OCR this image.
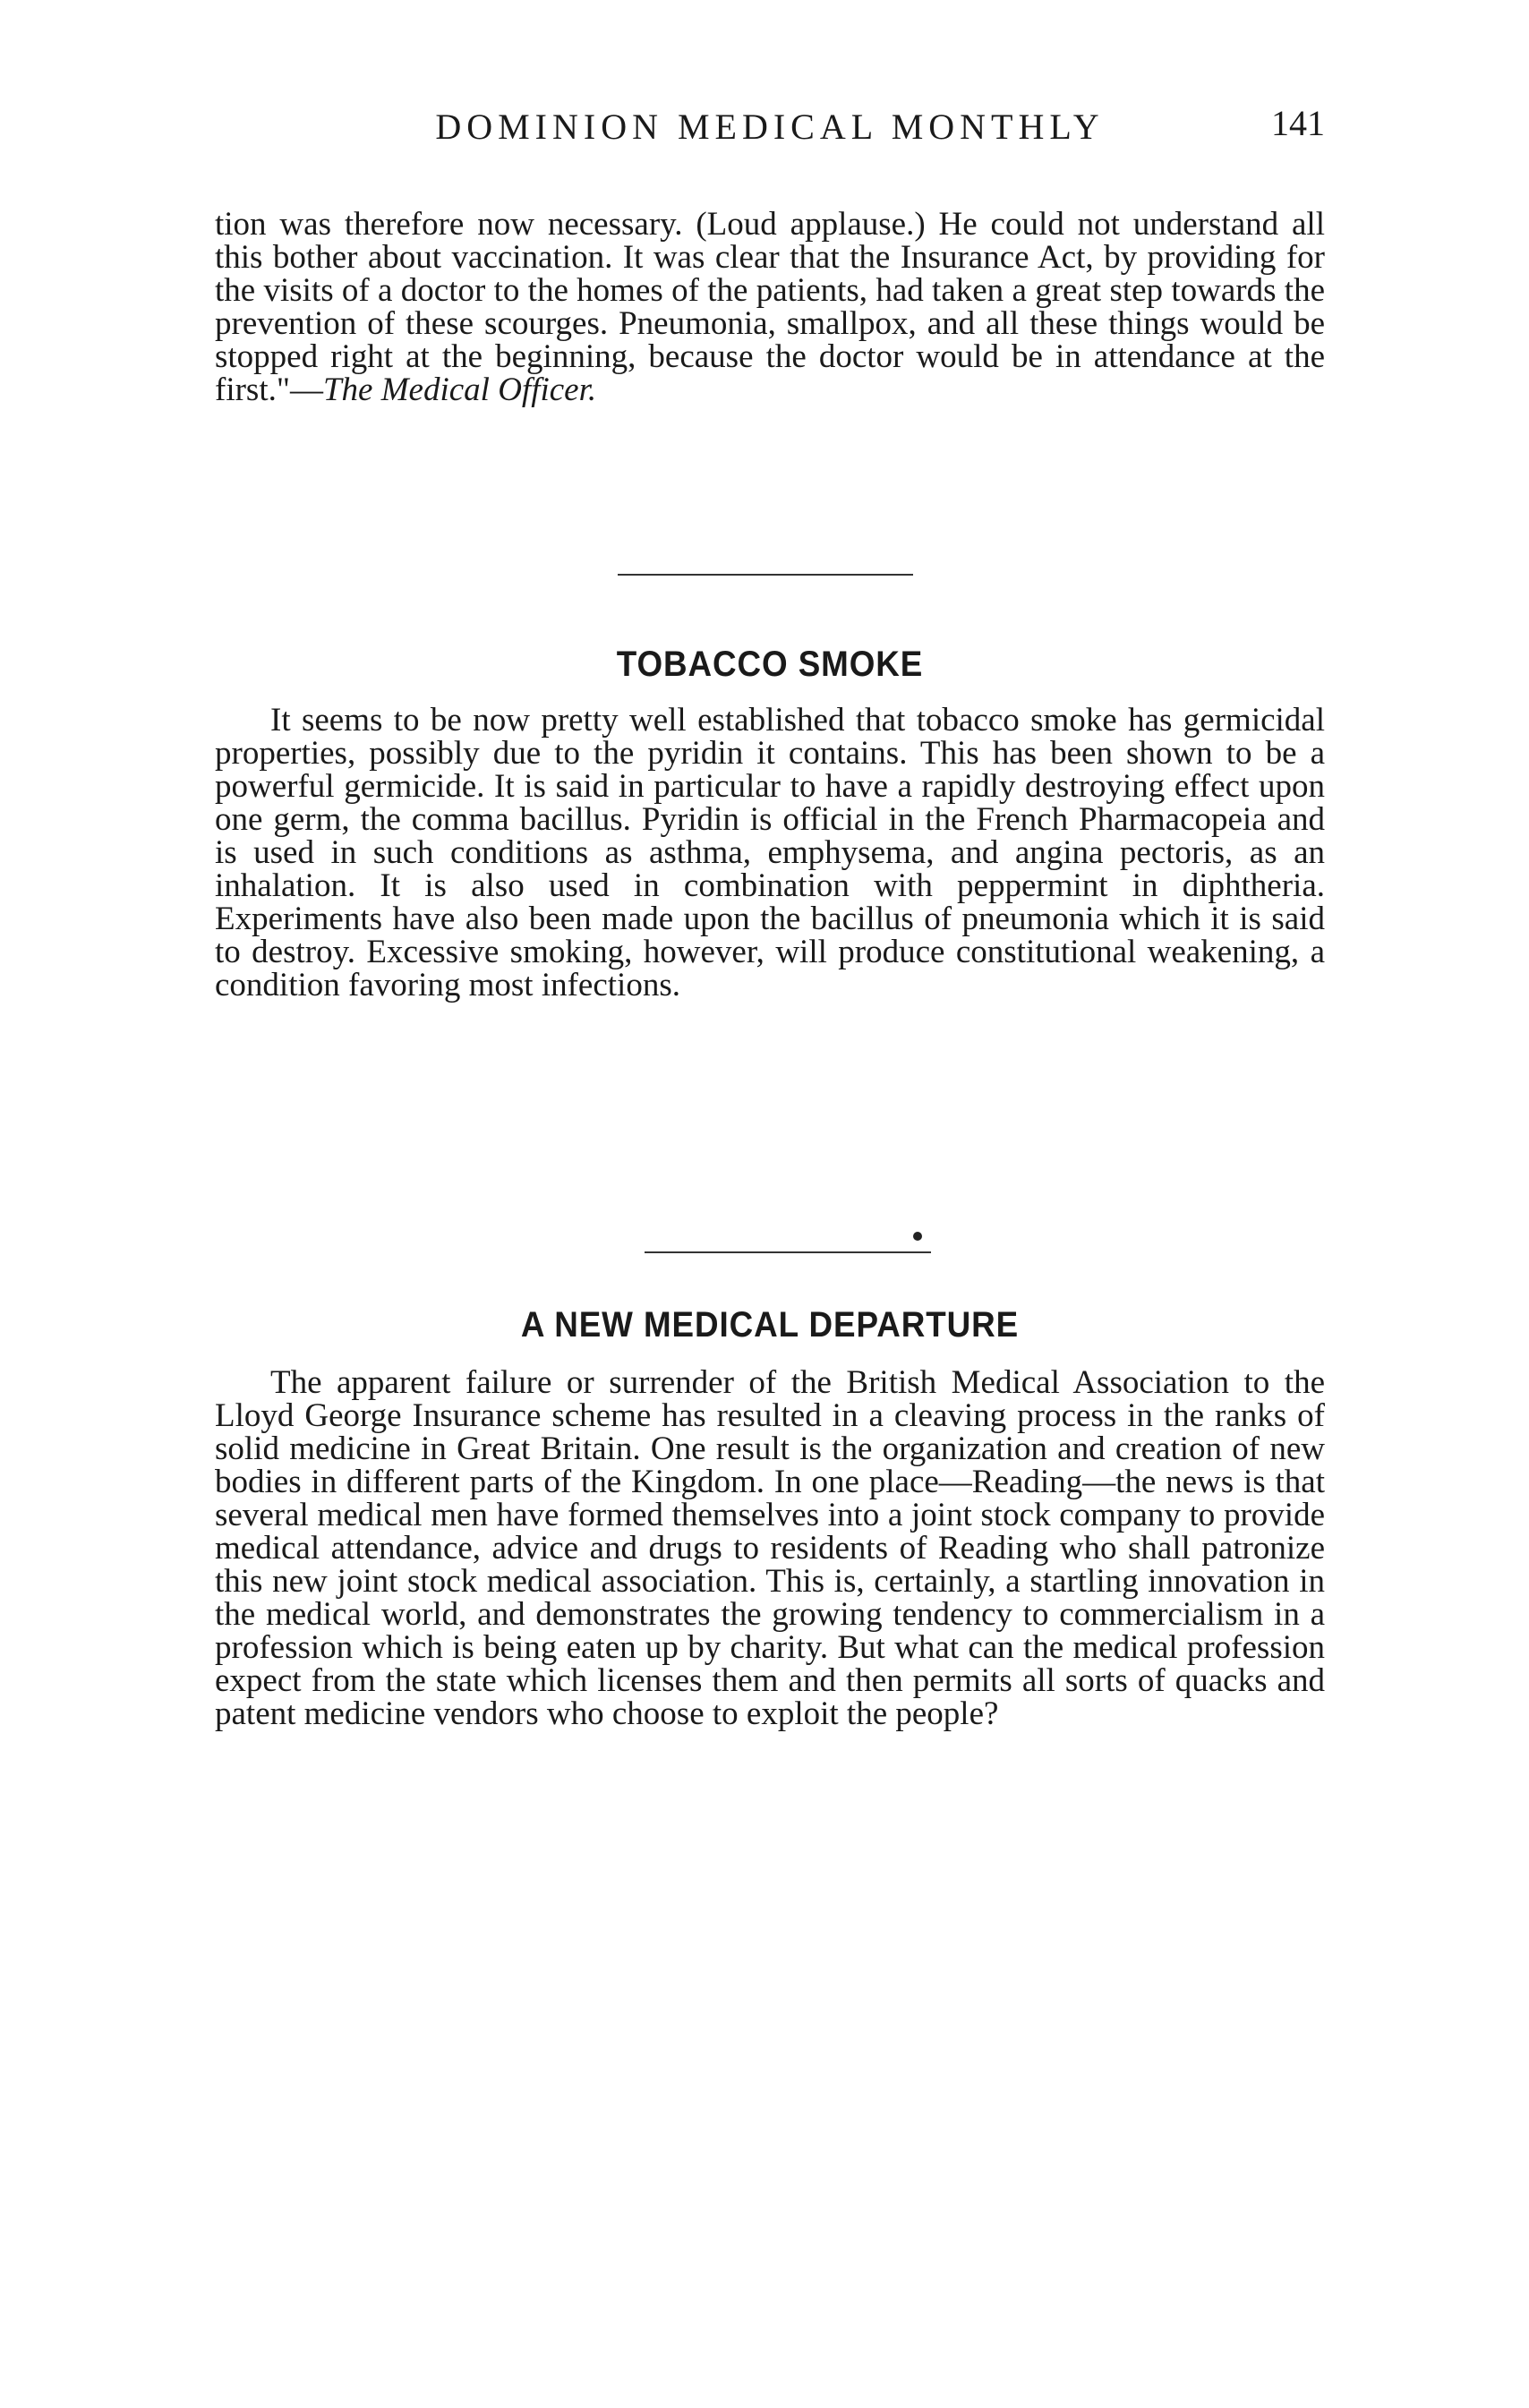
DOMINION MEDICAL MONTHLY	141

tion was therefore now necessary. (Loud applause.) He could not understand all this bother about vaccination. It was clear that the Insurance Act, by providing for the visits of a doctor to the homes of the patients, had taken a great step towards the prevention of these scourges. Pneumonia, smallpox, and all these things would be stopped right at the beginning, because the doctor would be in attendance at the first."—The Medical Officer.

TOBACCO SMOKE

It seems to be now pretty well established that tobacco smoke has germicidal properties, possibly due to the pyridin it contains. This has been shown to be a powerful germicide. It is said in particular to have a rapidly destroying effect upon one germ, the comma bacillus. Pyridin is official in the French Pharmacopeia and is used in such conditions as asthma, emphysema, and angina pectoris, as an inhalation. It is also used in combination with peppermint in diphtheria. Experiments have also been made upon the bacillus of pneumonia which it is said to destroy. Excessive smoking, however, will produce constitutional weakening, a condition favoring most infections.

A NEW MEDICAL DEPARTURE

The apparent failure or surrender of the British Medical Association to the Lloyd George Insurance scheme has resulted in a cleaving process in the ranks of solid medicine in Great Britain. One result is the organization and creation of new bodies in different parts of the Kingdom. In one place—Reading—the news is that several medical men have formed themselves into a joint stock company to provide medical attendance, advice and drugs to residents of Reading who shall patronize this new joint stock medical association. This is, certainly, a startling innovation in the medical world, and demonstrates the growing tendency to commercialism in a profession which is being eaten up by charity. But what can the medical profession expect from the state which licenses them and then permits all sorts of quacks and patent medicine vendors who choose to exploit the people?
